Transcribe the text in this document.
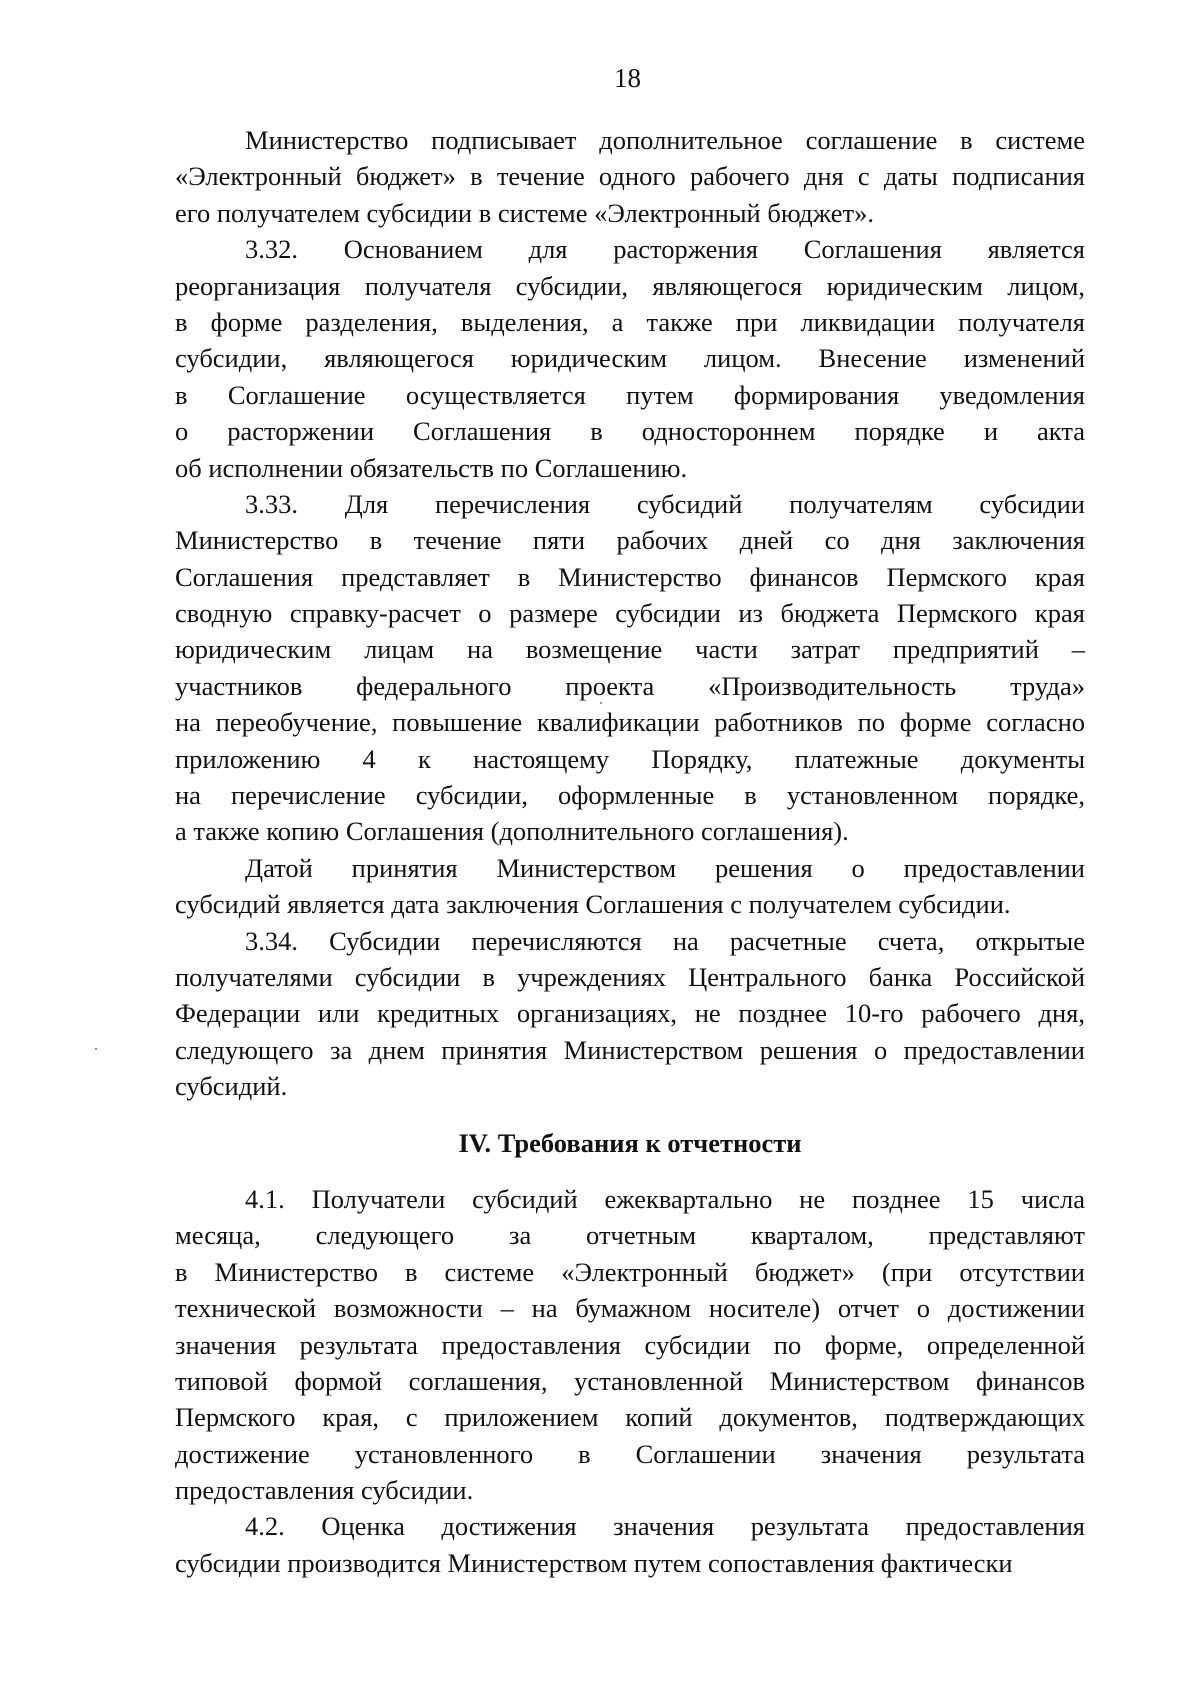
18
Министерство подписывает дополнительное соглашение в системе
«Электронный бюджет» в течение одного рабочего дня с даты подписания
его получателем субсидии в системе «Электронный бюджет».
3.32. Основанием для расторжения Соглашения является
реорганизация получателя субсидии, являющегося юридическим лицом,
в форме разделения, выделения, а также при ликвидации получателя
субсидии, являющегося юридическим лицом. Внесение изменений
в Соглашение осуществляется путем формирования уведомления
о расторжении Соглашения в одностороннем порядке и акта
об исполнении обязательств по Соглашению.
3.33. Для перечисления субсидий получателям субсидии
Министерство в течение пяти рабочих дней со дня заключения
Соглашения представляет в Министерство финансов Пермского края
сводную справку-расчет о размере субсидии из бюджета Пермского края
юридическим лицам на возмещение части затрат предприятий –
участников федерального проекта «Производительность труда»
на переобучение, повышение квалификации работников по форме согласно
приложению 4 к настоящему Порядку, платежные документы
на перечисление субсидии, оформленные в установленном порядке,
а также копию Соглашения (дополнительного соглашения).
Датой принятия Министерством решения о предоставлении
субсидий является дата заключения Соглашения с получателем субсидии.
3.34. Субсидии перечисляются на расчетные счета, открытые
получателями субсидии в учреждениях Центрального банка Российской
Федерации или кредитных организациях, не позднее 10-го рабочего дня,
следующего за днем принятия Министерством решения о предоставлении
субсидий.
IV. Требования к отчетности
4.1. Получатели субсидий ежеквартально не позднее 15 числа
месяца, следующего за отчетным кварталом, представляют
в Министерство в системе «Электронный бюджет» (при отсутствии
технической возможности – на бумажном носителе) отчет о достижении
значения результата предоставления субсидии по форме, определенной
типовой формой соглашения, установленной Министерством финансов
Пермского края, с приложением копий документов, подтверждающих
достижение установленного в Соглашении значения результата
предоставления субсидии.
4.2. Оценка достижения значения результата предоставления
субсидии производится Министерством путем сопоставления фактически
